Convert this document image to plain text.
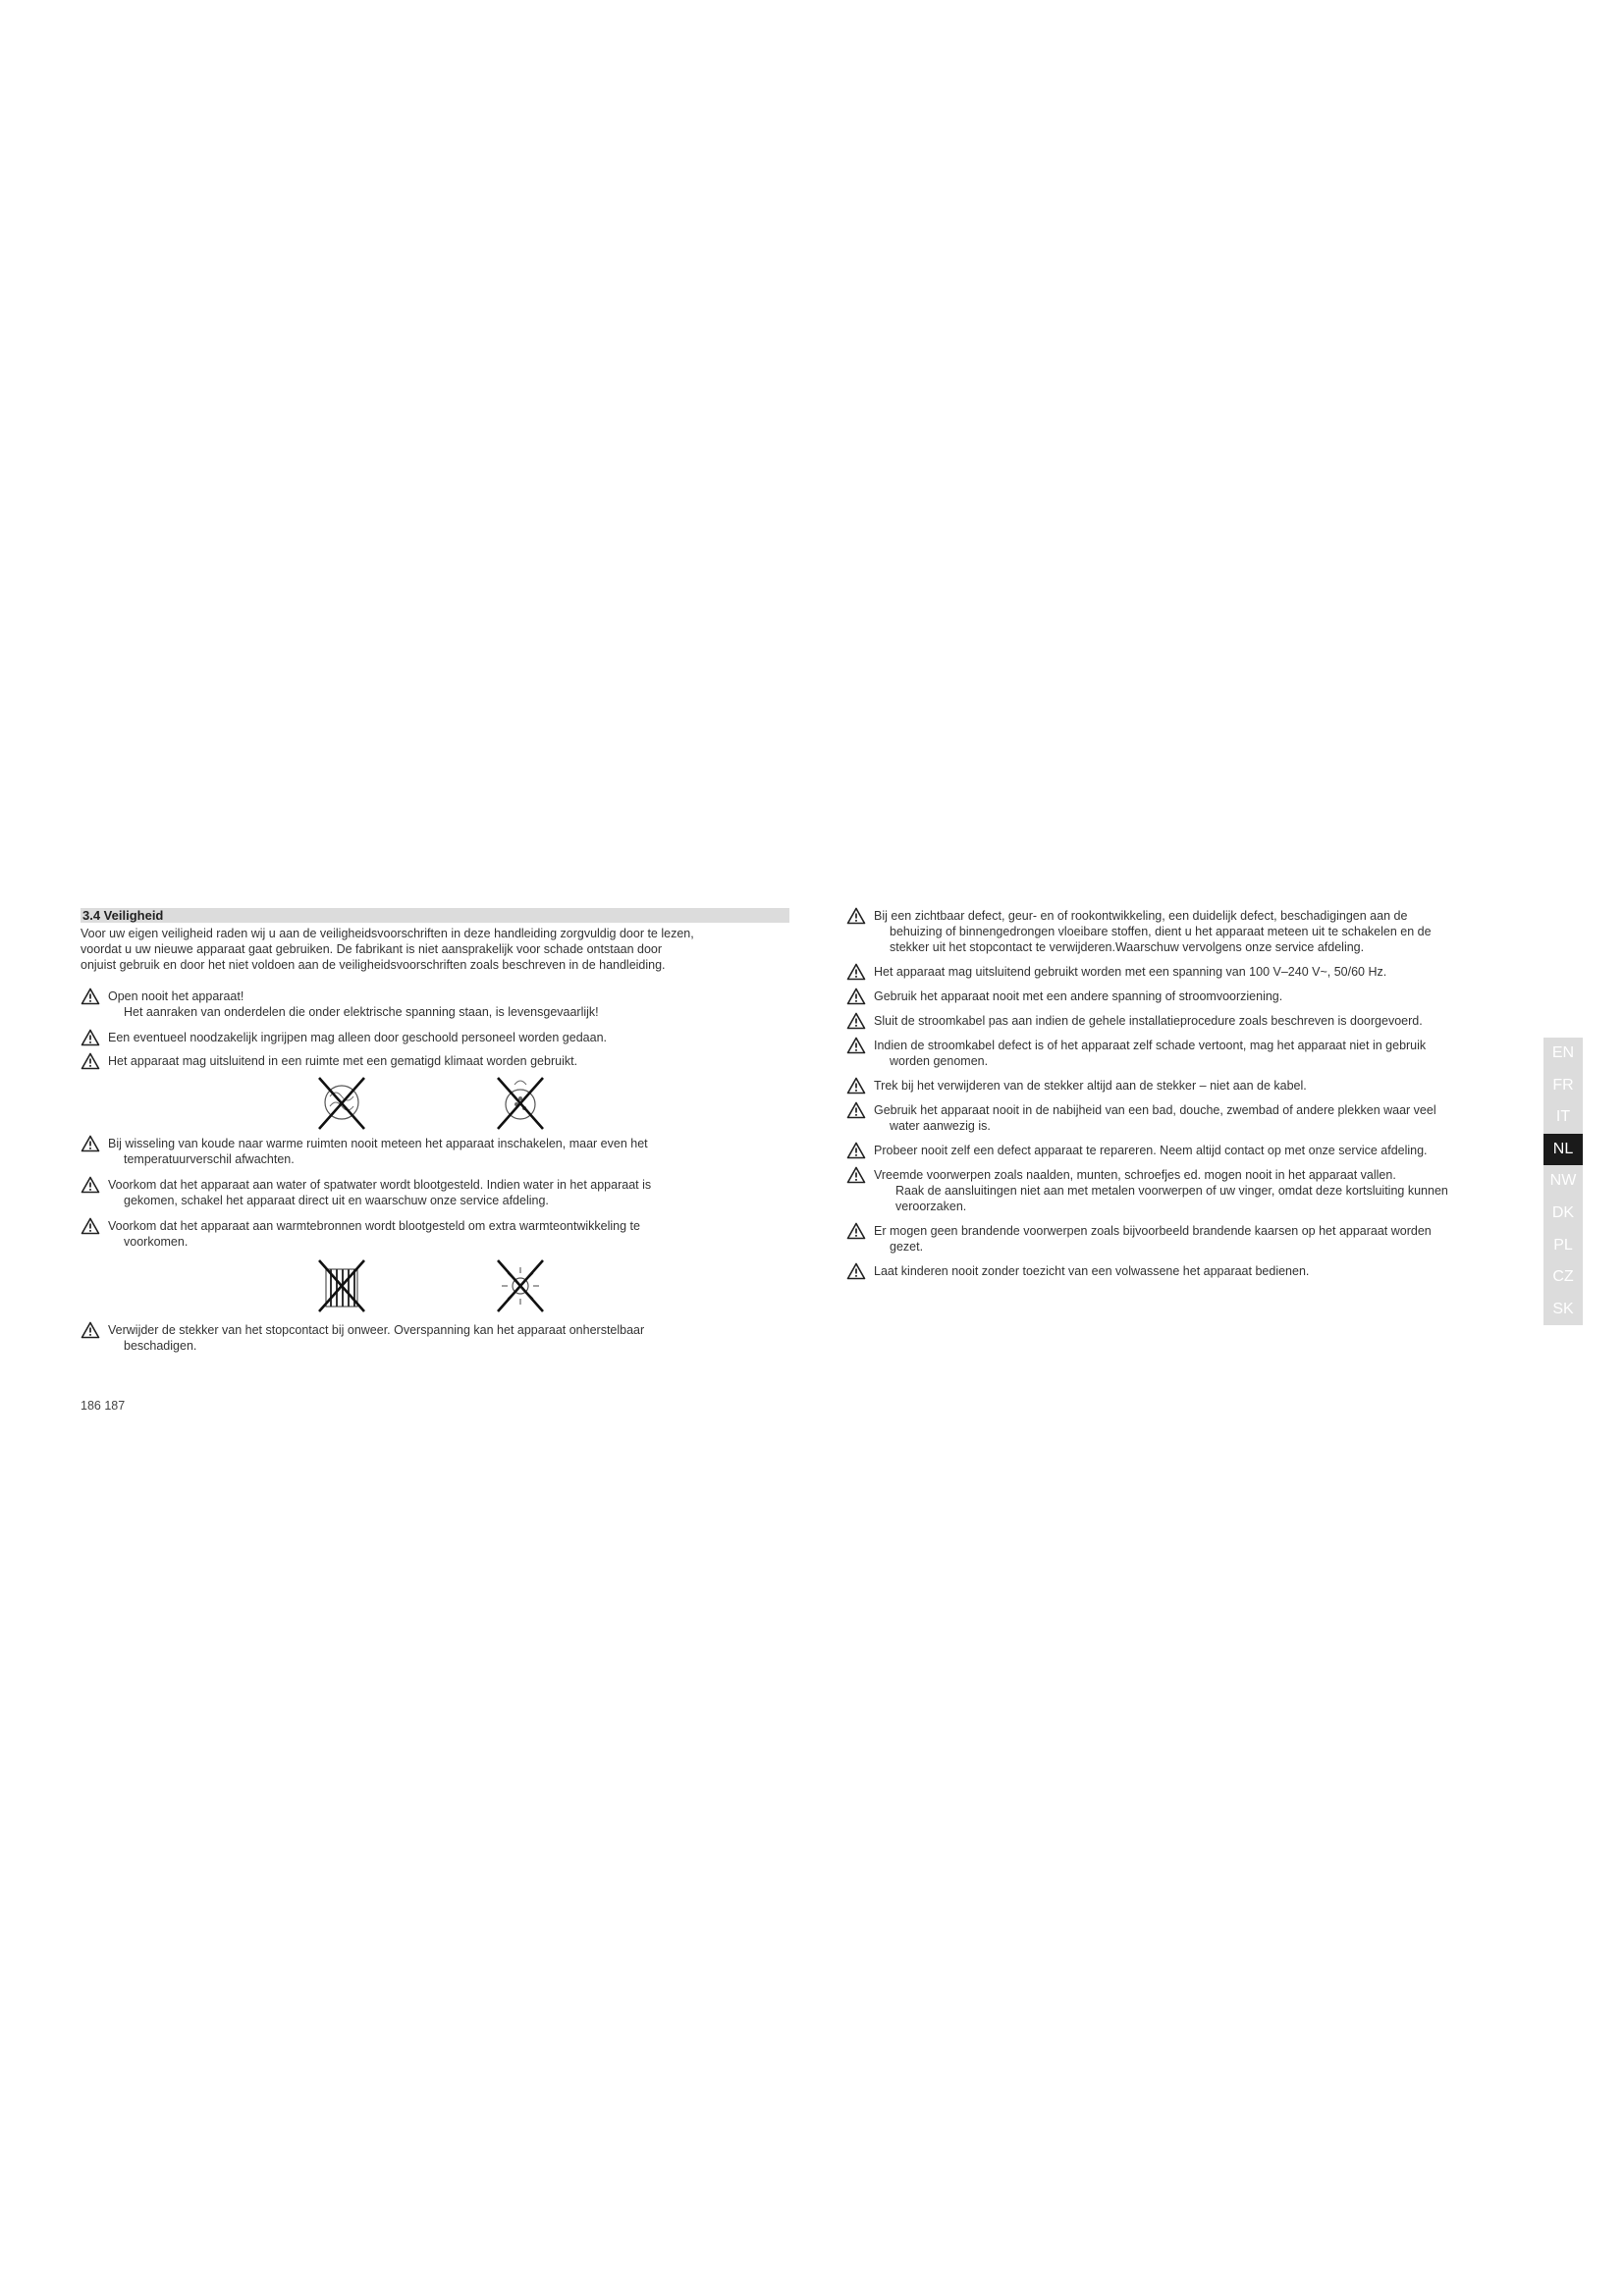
3.4 Veiligheid

Voor uw eigen veiligheid raden wij u aan de veiligheidsvoorschriften in deze handleiding zorgvuldig door te lezen,

voordat u uw nieuwe apparaat gaat gebruiken. De fabrikant is niet aansprakelijk voor schade ontstaan door

onjuist gebruik en door het niet voldoen aan de veiligheidsvoorschriften zoals beschreven in de handleiding.

Open nooit het apparaat!
Het aanraken van onderdelen die onder elektrische spanning staan, is levensgevaarlijk!
Een eventueel noodzakelijk ingrijpen mag alleen door geschoold personeel worden gedaan.
Het apparaat mag uitsluitend in een ruimte met een gematigd klimaat worden gebruikt.
Bij wisseling van koude naar warme ruimten nooit meteen het apparaat inschakelen, maar even het
temperatuurverschil afwachten.
Voorkom dat het apparaat aan water of spatwater wordt blootgesteld. Indien water in het apparaat is
gekomen, schakel het apparaat direct uit en waarschuw onze service afdeling.
Voorkom dat het apparaat aan warmtebronnen wordt blootgesteld om extra warmteontwikkeling te
voorkomen.
Verwijder de stekker van het stopcontact bij onweer. Overspanning kan het apparaat onherstelbaar
beschadigen.
186 187
Bij een zichtbaar defect, geur- en of rookontwikkeling, een duidelijk defect, beschadigingen aan de
behuizing of binnengedrongen vloeibare stoffen, dient u het apparaat meteen uit te schakelen en de
stekker uit het stopcontact te verwijderen.Waarschuw vervolgens onze service afdeling.
Het apparaat mag uitsluitend gebruikt worden met een spanning van 100 V–240 V~, 50/60 Hz.
Gebruik het apparaat nooit met een andere spanning of stroomvoorziening.
Sluit de stroomkabel pas aan indien de gehele installatieprocedure zoals beschreven is doorgevoerd.
Indien de stroomkabel defect is of het apparaat zelf schade vertoont, mag het apparaat niet in gebruik
worden genomen.
Trek bij het verwijderen van de stekker altijd aan de stekker – niet aan de kabel.
Gebruik het apparaat nooit in de nabijheid van een bad, douche, zwembad of andere plekken waar veel
water aanwezig is.
Probeer nooit zelf een defect apparaat te repareren. Neem altijd contact op met onze service afdeling.
Vreemde voorwerpen zoals naalden, munten, schroefjes ed. mogen nooit in het apparaat vallen.
Raak de aansluitingen niet aan met metalen voorwerpen of uw vinger, omdat deze kortsluiting kunnen
veroorzaken.
Er mogen geen brandende voorwerpen zoals bijvoorbeeld brandende kaarsen op het apparaat worden
gezet.
Laat kinderen nooit zonder toezicht van een volwassene het apparaat bedienen.
EN
FR
IT
NL
NW
DK
PL
CZ
SK
